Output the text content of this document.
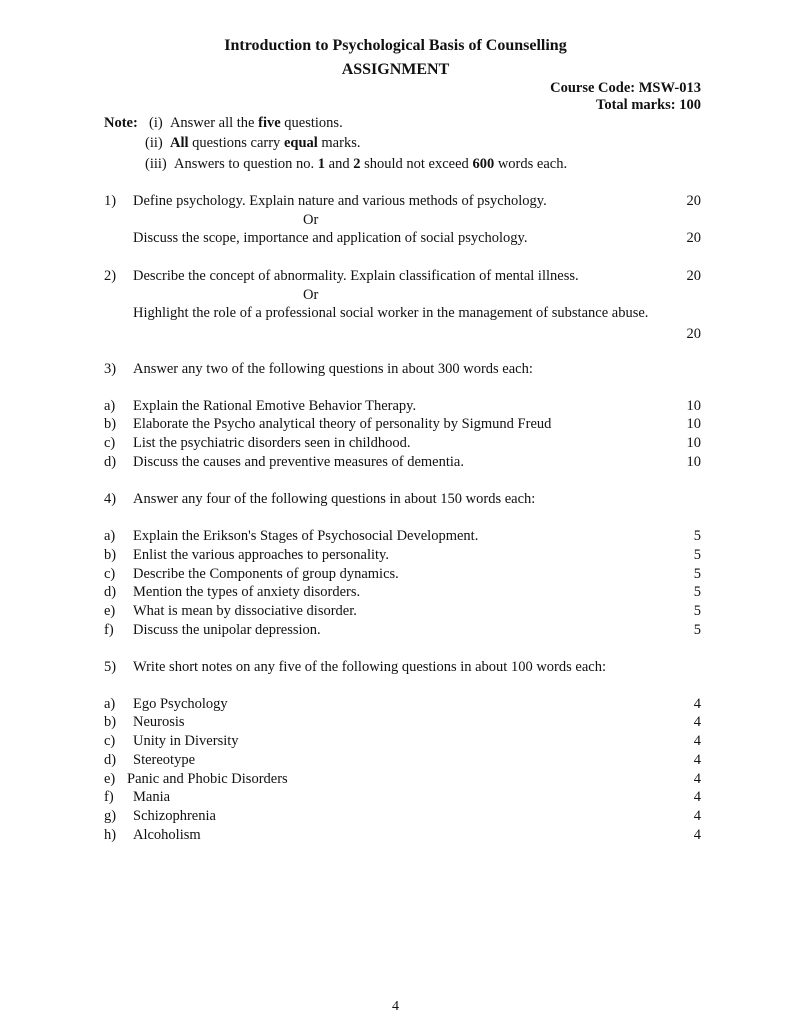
Introduction to Psychological Basis of Counselling
ASSIGNMENT
Course Code: MSW-013
Total marks: 100
Note: (i) Answer all the five questions.
(ii) All questions carry equal marks.
(iii) Answers to question no. 1 and 2 should not exceed 600 words each.
1) Define psychology. Explain nature and various methods of psychology.	20
Or
Discuss the scope, importance and application of social psychology.	20
2) Describe the concept of abnormality. Explain classification of mental illness.	20
Or
Highlight the role of a professional social worker in the management of substance abuse.
20
3) Answer any two of the following questions in about 300 words each:
a) Explain the Rational Emotive Behavior Therapy.	10
b) Elaborate the Psycho analytical theory of personality by Sigmund Freud	10
c) List the psychiatric disorders seen in childhood.	10
d) Discuss the causes and preventive measures of dementia.	10
4) Answer any four of the following questions in about 150 words each:
a) Explain the Erikson's Stages of Psychosocial Development.	5
b) Enlist the various approaches to personality.	5
c) Describe the Components of group dynamics.	5
d) Mention the types of anxiety disorders.	5
e) What is mean by dissociative disorder.	5
f) Discuss the unipolar depression.	5
5) Write short notes on any five of the following questions in about 100 words each:
a) Ego Psychology	4
b) Neurosis	4
c) Unity in Diversity	4
d) Stereotype	4
e) Panic and Phobic Disorders	4
f) Mania	4
g) Schizophrenia	4
h) Alcoholism	4
4
